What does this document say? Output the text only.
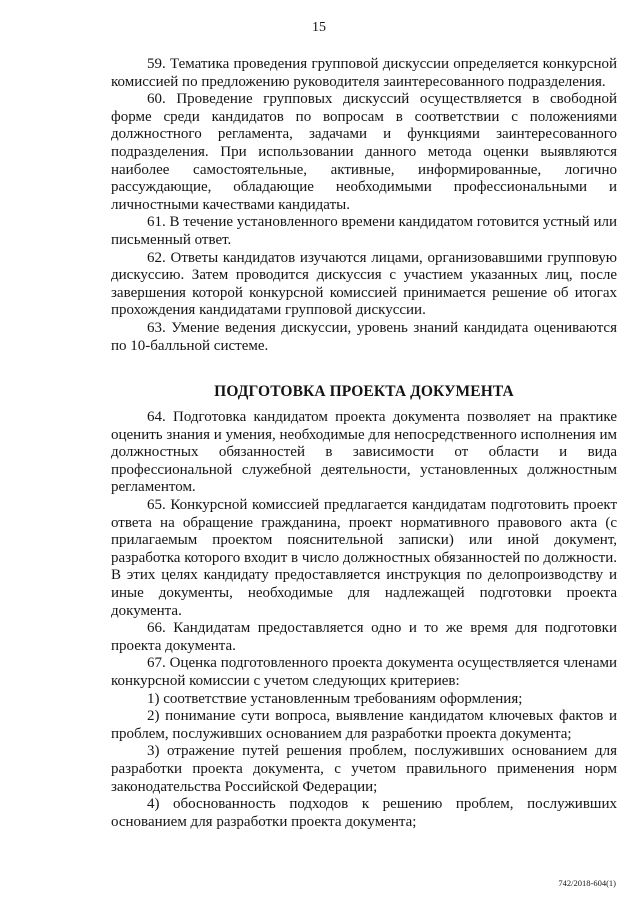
15

59. Тематика проведения групповой дискуссии определяется конкурсной комиссией по предложению руководителя заинтересованного подразделения.

60. Проведение групповых дискуссий осуществляется в свободной форме среди кандидатов по вопросам в соответствии с положениями должностного регламента, задачами и функциями заинтересованного подразделения. При использовании данного метода оценки выявляются наиболее самостоятельные, активные, информированные, логично рассуждающие, обладающие необходимыми профессиональными и личностными качествами кандидаты.

61. В течение установленного времени кандидатом готовится устный или письменный ответ.

62. Ответы кандидатов изучаются лицами, организовавшими групповую дискуссию. Затем проводится дискуссия с участием указанных лиц, после завершения которой конкурсной комиссией принимается решение об итогах прохождения кандидатами групповой дискуссии.

63. Умение ведения дискуссии, уровень знаний кандидата оцениваются по 10-балльной системе.

ПОДГОТОВКА ПРОЕКТА ДОКУМЕНТА

64. Подготовка кандидатом проекта документа позволяет на практике оценить знания и умения, необходимые для непосредственного исполнения им должностных обязанностей в зависимости от области и вида профессиональной служебной деятельности, установленных должностным регламентом.

65. Конкурсной комиссией предлагается кандидатам подготовить проект ответа на обращение гражданина, проект нормативного правового акта (с прилагаемым проектом пояснительной записки) или иной документ, разработка которого входит в число должностных обязанностей по должности. В этих целях кандидату предоставляется инструкция по делопроизводству и иные документы, необходимые для надлежащей подготовки проекта документа.

66. Кандидатам предоставляется одно и то же время для подготовки проекта документа.

67. Оценка подготовленного проекта документа осуществляется членами конкурсной комиссии с учетом следующих критериев:

1) соответствие установленным требованиям оформления;

2) понимание сути вопроса, выявление кандидатом ключевых фактов и проблем, послуживших основанием для разработки проекта документа;

3) отражение путей решения проблем, послуживших основанием для разработки проекта документа, с учетом правильного применения норм законодательства Российской Федерации;

4) обоснованность подходов к решению проблем, послуживших основанием для разработки проекта документа;

742/2018-604(1)
